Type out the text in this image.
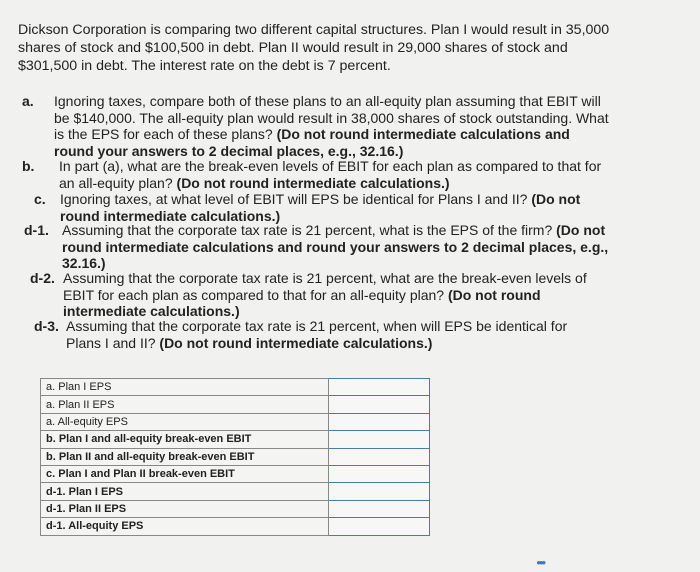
Dickson Corporation is comparing two different capital structures. Plan I would result in 35,000 shares of stock and $100,500 in debt. Plan II would result in 29,000 shares of stock and $301,500 in debt. The interest rate on the debt is 7 percent.
a. Ignoring taxes, compare both of these plans to an all-equity plan assuming that EBIT will be $140,000. The all-equity plan would result in 38,000 shares of stock outstanding. What is the EPS for each of these plans? (Do not round intermediate calculations and round your answers to 2 decimal places, e.g., 32.16.)
b. In part (a), what are the break-even levels of EBIT for each plan as compared to that for an all-equity plan? (Do not round intermediate calculations.)
c. Ignoring taxes, at what level of EBIT will EPS be identical for Plans I and II? (Do not round intermediate calculations.)
d-1. Assuming that the corporate tax rate is 21 percent, what is the EPS of the firm? (Do not round intermediate calculations and round your answers to 2 decimal places, e.g., 32.16.)
d-2. Assuming that the corporate tax rate is 21 percent, what are the break-even levels of EBIT for each plan as compared to that for an all-equity plan? (Do not round intermediate calculations.)
d-3. Assuming that the corporate tax rate is 21 percent, when will EPS be identical for Plans I and II? (Do not round intermediate calculations.)
a. Plan I EPS	
a. Plan II EPS	
a. All-equity EPS	
b. Plan I and all-equity break-even EBIT	
b. Plan II and all-equity break-even EBIT	
c. Plan I and Plan II break-even EBIT	
d-1. Plan I EPS	
d-1. Plan II EPS	
d-1. All-equity EPS	
•••
